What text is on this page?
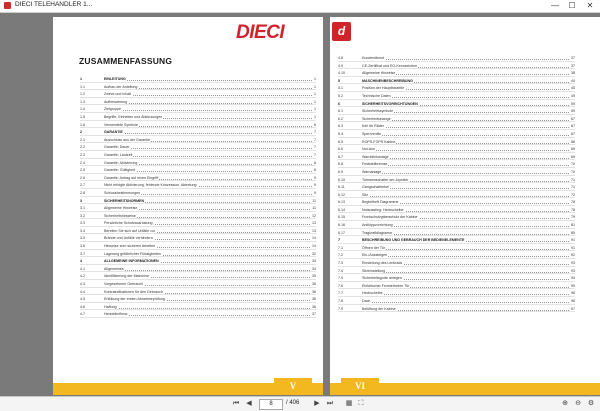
DIECI TELEHANDLER 1...	—	☐	✕
DIECI
ZUSAMMENFASSUNG
1	EINLEITUNG	1
1.1	Aufbau der Anleitung	1
1.2	Zweck und Inhalt	1
1.3	Aufbewahrung	1
1.4	Zielgruppe	1
1.5	Begriffe, Einheiten und Abkürzungen	1
1.6	Verwendete Symbole	6
2	GARANTIE	7
2.1	Ausschluss aus der Garantie	7
2.2	Garantie: Dauer	7
2.3	Garantie: Laufzeit	7
2.4	Garantie: Aktivierung	8
2.5	Garantie: Gültigkeit	8
2.6	Garantie: Antrag auf einen Eingriff	9
2.7	Nicht erfolgte Aktivierung, fehlende Konzession, Abtretung	9
2.8	Schlussbestimmungen	9
3	SICHERHEITSNORMEN	11
3.1	Allgemeine Hinweise	11
3.2	Sicherheitshinweise	12
3.3	Persönliche Schutzausrüstung	13
3.4	Bereiten Sie sich auf Unfälle vor	13
3.5	Brände und Unfälle verhindern	14
3.6	Hinweise zum sicheren Arbeiten	14
3.7	Lagerung gefährlicher Flüssigkeiten	32
4	ALLGEMEINE INFORMATIONEN	34
4.1	Allgemeines	34
4.2	Identifizierung der Maschine	35
4.3	Vorgesehener Gebrauch	36
4.4	Kontraindikationen für den Gebrauch	36
4.5	Erklärung der ersten Abnahmeprüfung	36
4.6	Haftung	36
4.7	Herstellerfirma	37
V
d
4.8	Kundendienst	37
4.9	CE-Zertifikat und EG-Kennzeichen	37
4.10	Allgemeine Hinweise	38
5	MASCHINENBESCHREIBUNG	44
5.1	Position der Hauptbauteile	45
5.2	Technische Daten	49
6	SICHERHEITSVORRICHTUNGEN	59
6.1	Sicherheitssymbole	59
6.2	Sicherheitsstange	67
6.3	Keil für Räder	67
6.4	Sperrventile	67
6.5	ROPS-FOPS Kabine	68
6.6	Not-Aus	69
6.7	Warnblinkanlage	69
6.8	Feststellbremse	70
6.9	Warnanlage	70
6.10	Totmannschalter am Joystick	71
6.11	Gangschalthebel	71
6.12	Sitz	72
6.13	Begleitheft Diagramme	78
6.14	Notausstieg: Heckscheibe	78
6.15	Frontschutzgitterschutz der Kabine	79
6.16	Antikippvorrichtung	81
6.17	Tragkraftdiagramm	85
7	BESCHREIBUNG UND GEBRAUCH DER BEDIENELEMENTE	91
7.1	Öffnen der Tür	91
7.2	Ein-/Aussteigen	92
7.3	Einstellung des Lenkrads	93
7.4	Sitzeinstellung	93
7.5	Sicherheitsgurte anlegen	94
7.6	Elektrischer Fensterheber Tür	95
7.7	Heckscheibe	96
7.8	Dach	96
7.9	Belüftung der Kabine	97
VI
⏮	◀	8	/ 406	▶	⏭ ▦ ⛶	⊕ ⊖ ⚙
